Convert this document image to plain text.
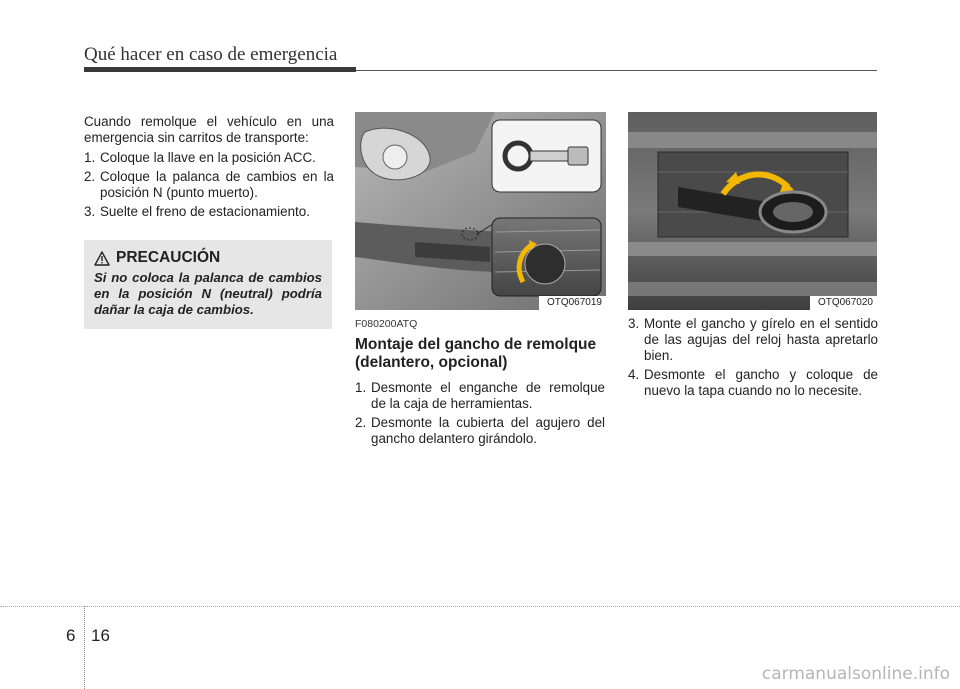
Qué hacer en caso de emergencia

Cuando remolque el vehículo en una emergencia sin carritos de transporte:

1. Coloque la llave en la posición ACC.
2. Coloque la palanca de cambios en la posición N (punto muerto).
3. Suelte el freno de estacionamiento.
PRECAUCIÓN
Si no coloca la palanca de cambios en la posición N (neutral) podría dañar la caja de cambios.	OTQ067019	OTQ067020
F080200ATQ
Montaje del gancho de remolque (delantero, opcional)
1. Desmonte el enganche de remolque de la caja de herramientas.
2. Desmonte la cubierta del agujero del gancho delantero girándolo.
3. Monte el gancho y gírelo en el sentido de las agujas del reloj hasta apretarlo bien.
4. Desmonte el gancho y coloque de nuevo la tapa cuando no lo necesite.
6 16
carmanualsonline.info
